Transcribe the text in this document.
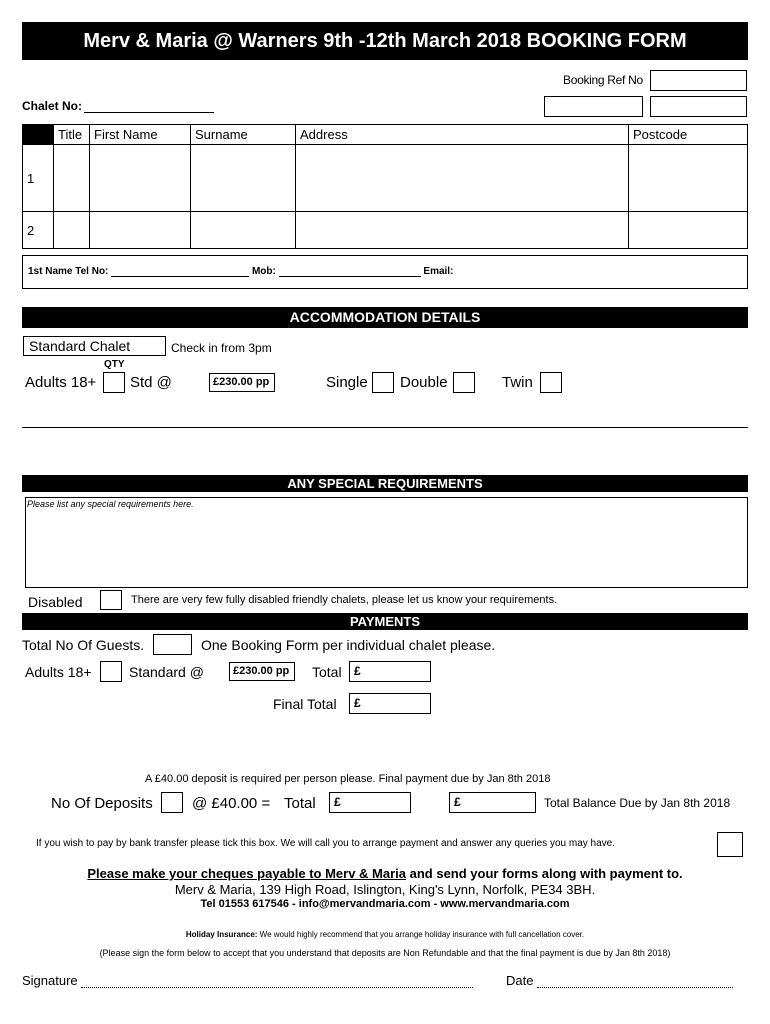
Merv & Maria @ Warners 9th -12th March 2018 BOOKING FORM
Booking Ref No
Chalet No:
	Title	First Name	Surname	Address	Postcode
1					
2					
1st Name Tel No:	Mob:	Email:
ACCOMMODATION DETAILS
Standard Chalet	Check in from 3pm
QTY
Adults 18+ Std @	£230.00 pp	Single Double	Twin
ANY SPECIAL REQUIREMENTS
Please list any special requirements here.
Disabled	There are very few fully disabled friendly chalets, please let us know your requirements.
PAYMENTS
Total No Of Guests.	One Booking Form per individual chalet please.
Adults 18+	Standard @	£230.00 pp Total £
Final Total £
A £40.00 deposit is required per person please. Final payment due by Jan 8th 2018
No Of Deposits	@ £40.00 = Total £	£	Total Balance Due by Jan 8th 2018
If you wish to pay by bank transfer please tick this box. We will call you to arrange payment and answer any queries you may have.
Please make your cheques payable to Merv & Maria and send your forms along with payment to.
Merv & Maria, 139 High Road, Islington, King's Lynn, Norfolk, PE34 3BH.
Tel 01553 617546 - info@mervandmaria.com - www.mervandmaria.com
Holiday Insurance: We would highly recommend that you arrange holiday insurance with full cancellation cover.
(Please sign the form below to accept that you understand that deposits are Non Refundable and that the final payment is due by Jan 8th 2018)
Signature	Date
